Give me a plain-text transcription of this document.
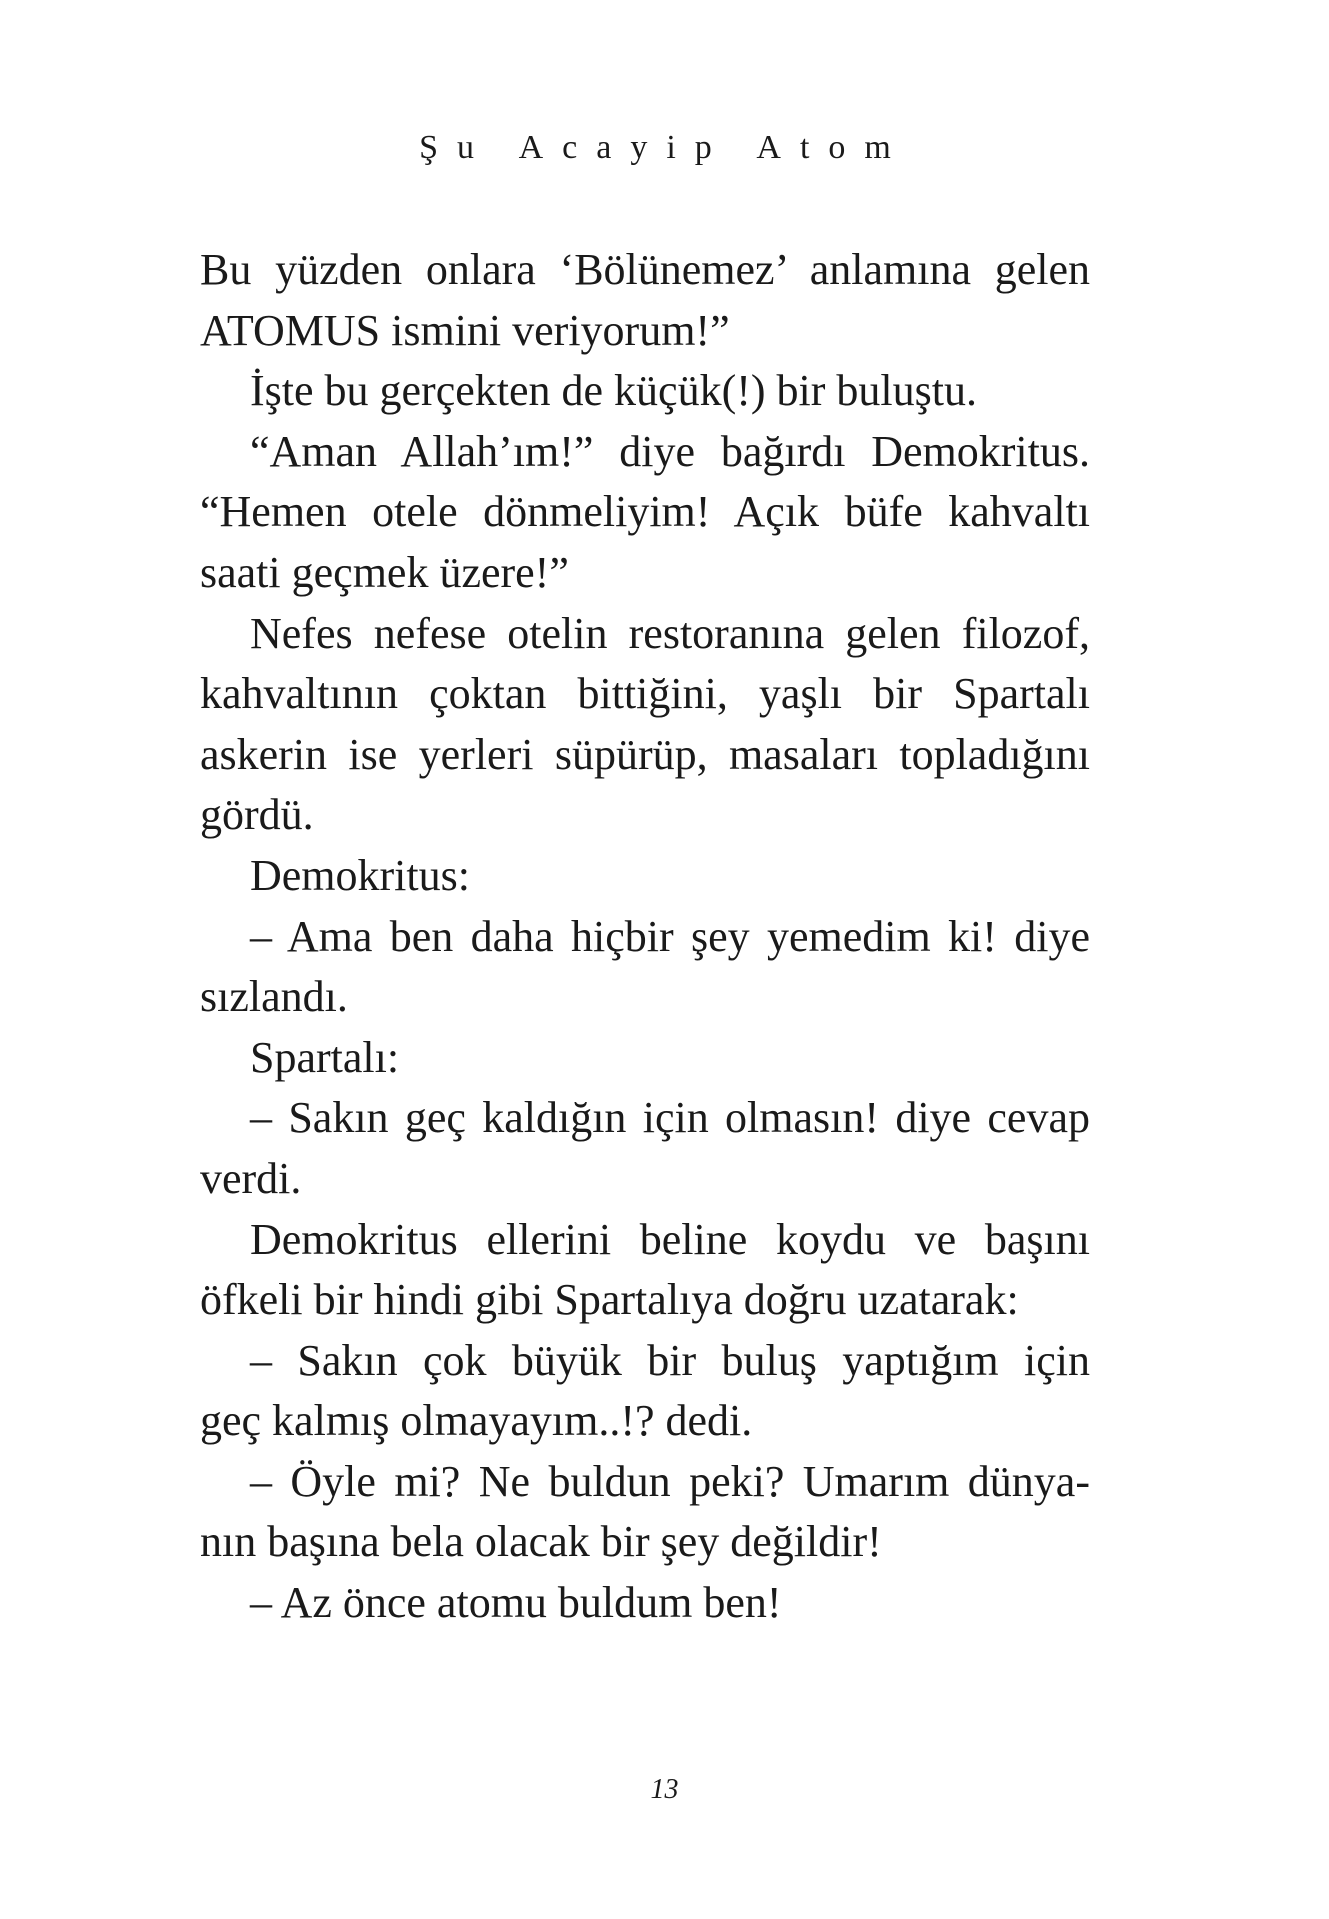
Şu Acayip Atom
Bu yüzden onlara ‘Bölünemez’ anlamına gelen
ATOMUS ismini veriyorum!”
İşte bu gerçekten de küçük(!) bir buluştu.
“Aman Allah’ım!” diye bağırdı Demokritus.
“Hemen otele dönmeliyim! Açık büfe kahvaltı
saati geçmek üzere!”
Nefes nefese otelin restoranına gelen filozof,
kahvaltının çoktan bittiğini, yaşlı bir Spartalı
askerin ise yerleri süpürüp, masaları topladığını
gördü.
Demokritus:
– Ama ben daha hiçbir şey yemedim ki! diye
sızlandı.
Spartalı:
– Sakın geç kaldığın için olmasın! diye cevap
verdi.
Demokritus ellerini beline koydu ve başını
öfkeli bir hindi gibi Spartalıya doğru uzatarak:
– Sakın çok büyük bir buluş yaptığım için
geç kalmış olmayayım..!? dedi.
– Öyle mi? Ne buldun peki? Umarım dünya-
nın başına bela olacak bir şey değildir!
– Az önce atomu buldum ben!
13
